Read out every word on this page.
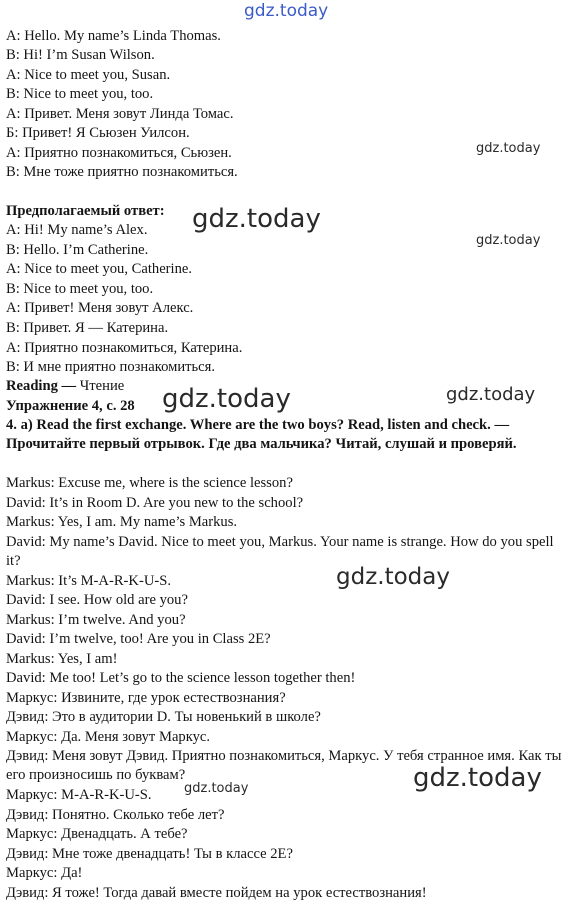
A: Hello. My name’s Linda Thomas.
B: Hi! I’m Susan Wilson.
A: Nice to meet you, Susan.
B: Nice to meet you, too.
А: Привет. Меня зовут Линда Томас.
Б: Привет! Я Сьюзен Уилсон.
А: Приятно познакомиться, Сьюзен.
В: Мне тоже приятно познакомиться.
Предполагаемый ответ:
A: Hi! My name’s Alex.
B: Hello. I’m Catherine.
A: Nice to meet you, Catherine.
B: Nice to meet you, too.
А: Привет! Меня зовут Алекс.
В: Привет. Я — Катерина.
А: Приятно познакомиться, Катерина.
В: И мне приятно познакомиться.
Reading — Чтение
Упражнение 4, с. 28
4. a) Read the first exchange. Where are the two boys? Read, listen and check. — Прочитайте первый отрывок. Где два мальчика? Читай, слушай и проверяй.
Markus: Excuse me, where is the science lesson?
David: It’s in Room D. Are you new to the school?
Markus: Yes, I am. My name’s Markus.
David: My name’s David. Nice to meet you, Markus. Your name is strange. How do you spell it?
Markus: It’s M-A-R-K-U-S.
David: I see. How old are you?
Markus: I’m twelve. And you?
David: I’m twelve, too! Are you in Class 2E?
Markus: Yes, I am!
David: Me too! Let’s go to the science lesson together then!
Маркус: Извините, где урок естествознания?
Дэвид: Это в аудитории D. Ты новенький в школе?
Маркус: Да. Меня зовут Маркус.
Дэвид: Меня зовут Дэвид. Приятно познакомиться, Маркус. У тебя странное имя. Как ты его произносишь по буквам?
Маркус: М-А-R-K-U-S.
Дэвид: Понятно. Сколько тебе лет?
Маркус: Двенадцать. А тебе?
Дэвид: Мне тоже двенадцать! Ты в классе 2Е?
Маркус: Да!
Дэвид: Я тоже! Тогда давай вместе пойдем на урок естествознания!
gdz.today
gdz.today
gdz.today
gdz.today
gdz.today
gdz.today
gdz.today
gdz.today
gdz.today
